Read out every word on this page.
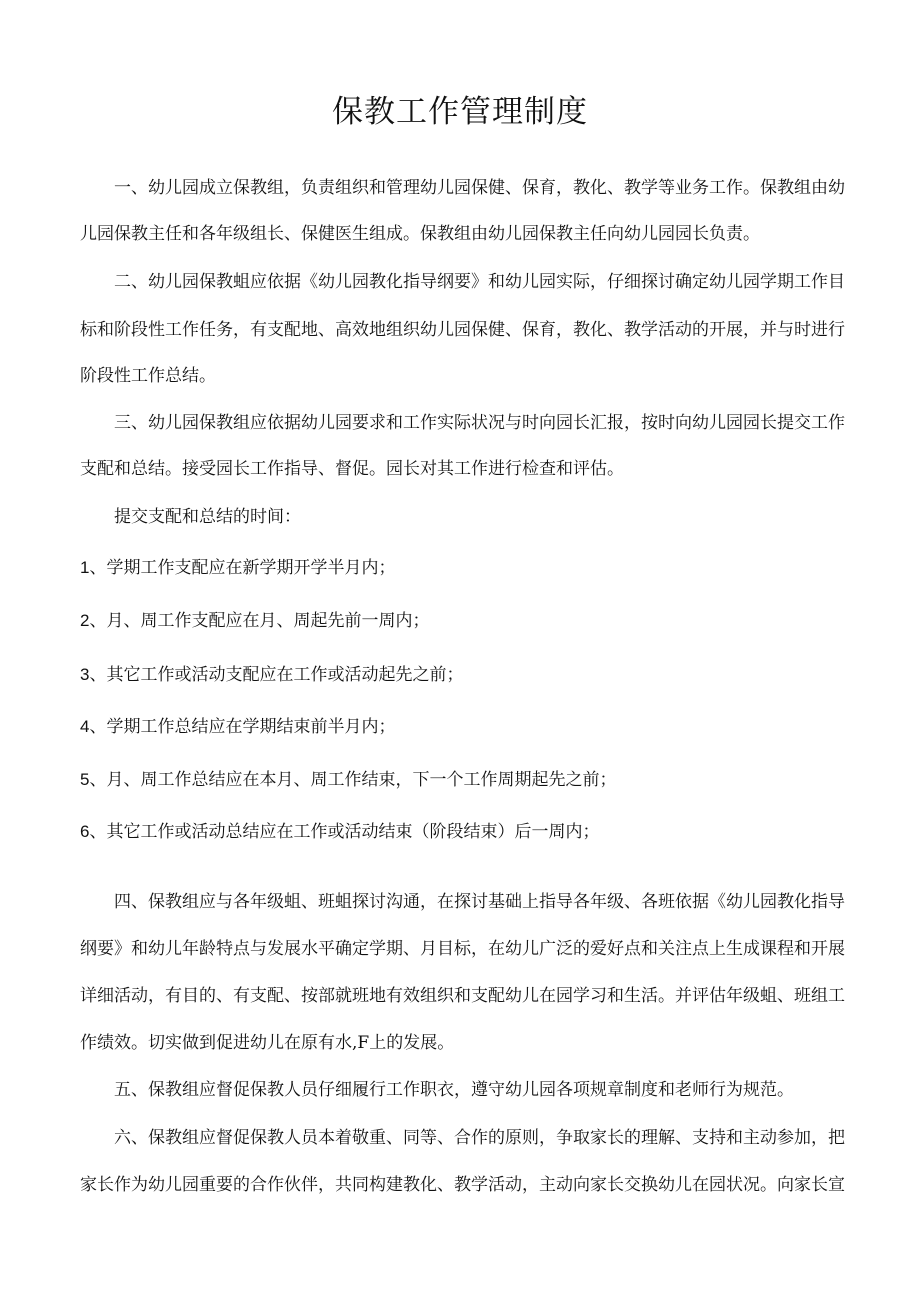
保教工作管理制度

一、幼儿园成立保教组，负责组织和管理幼儿园保健、保育，教化、教学等业务工作。保教组由幼

儿园保教主任和各年级组长、保健医生组成。保教组由幼儿园保教主任向幼儿园园长负责。

二、幼儿园保教蛆应依据《幼儿园教化指导纲要》和幼儿园实际，仔细探讨确定幼儿园学期工作目

标和阶段性工作任务，有支配地、高效地组织幼儿园保健、保育，教化、教学活动的开展，并与时进行

阶段性工作总结。

三、幼儿园保教组应依据幼儿园要求和工作实际状况与时向园长汇报，按时向幼儿园园长提交工作

支配和总结。接受园长工作指导、督促。园长对其工作进行检查和评估。

提交支配和总结的时间：

1、学期工作支配应在新学期开学半月内；

2、月、周工作支配应在月、周起先前一周内；

3、其它工作或活动支配应在工作或活动起先之前；

4、学期工作总结应在学期结束前半月内；

5、月、周工作总结应在本月、周工作结束，下一个工作周期起先之前；

6、其它工作或活动总结应在工作或活动结束（阶段结束）后一周内；

四、保教组应与各年级蛆、班蛆探讨沟通，在探讨基础上指导各年级、各班依据《幼儿园教化指导

纲要》和幼儿年龄特点与发展水平确定学期、月目标，在幼儿广泛的爱好点和关注点上生成课程和开展

详细活动，有目的、有支配、按部就班地有效组织和支配幼儿在园学习和生活。并评估年级蛆、班组工

作绩效。切实做到促进幼儿在原有水,F上的发展。

五、保教组应督促保教人员仔细履行工作职衣，遵守幼儿园各项规章制度和老师行为规范。

六、保教组应督促保教人员本着敬重、同等、合作的原则，争取家长的理解、支持和主动参加，把

家长作为幼儿园重要的合作伙伴，共同构建教化、教学活动，主动向家长交换幼儿在园状况。向家长宣
